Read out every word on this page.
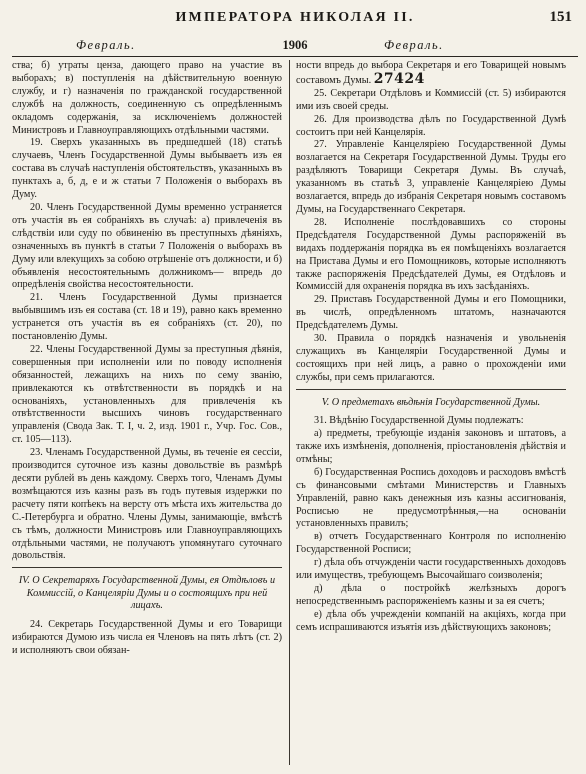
ИМПЕРАТОРА НИКОЛАЯ II.	151
Февраль.	1906	Февраль.

ства; б) утраты ценза, дающего право на участие въ выборахъ; в) поступленія на дѣйствительную военную службу, и г) назначенія по гражданской государственной службѣ на должность, соединенную съ опредѣленнымъ окладомъ содержанія, за исключеніемъ должностей Министровъ и Главноуправляющихъ отдѣльными частями.

19. Сверхъ указанныхъ въ предшедшей (18) статьѣ случаевъ, Членъ Государственной Думы выбываетъ изъ ея состава въ случаѣ наступленія обстоятельствъ, указанныхъ въ пунктахъ а, б, д, е и ж статьи 7 Положенія о выборахъ въ Думу.

20. Членъ Государственной Думы временно устраняется отъ участія въ ея собраніяхъ въ случаѣ: а) привлеченія въ слѣдствіи или суду по обвиненію въ преступныхъ дѣяніяхъ, означенныхъ въ пунктѣ в статьи 7 Положенія о выборахъ въ Думу или влекущихъ за собою отрѣшеніе отъ должности, и б) объявленія несостоятельнымъ должникомъ— впредь до опредѣленія свойства несостоятельности.

21. Членъ Государственной Думы признается выбывшимъ изъ ея состава (ст. 18 и 19), равно какъ временно устранется отъ участія въ ея собраніяхъ (ст. 20), по постановленію Думы.

22. Члены Государственной Думы за преступныя дѣянія, совершенныя при исполненіи или по поводу исполненія обязанностей, лежащихъ на нихъ по сему званію, привлекаются къ отвѣтственности въ порядкѣ и на основаніяхъ, установленныхъ для привлеченія къ отвѣтственности высшихъ чиновъ государственнаго управленія (Свода Зак. Т. I, ч. 2, изд. 1901 г., Учр. Гос. Сов., ст. 105—113).

23. Членамъ Государственной Думы, въ теченіе ея сессіи, производится суточное изъ казны довольствіе въ размѣрѣ десяти рублей въ день каждому. Сверхъ того, Членамъ Думы возмѣщаются изъ казны разъ въ годъ путевыя издержки по расчету пяти копѣекъ на версту отъ мѣста ихъ жительства до С.-Петербурга и обратно. Члены Думы, занимающіе, вмѣстѣ съ тѣмъ, должности Министровъ или Главноуправляющихъ отдѣльными частями, не получаютъ упомянутаго суточнаго довольствія.

IV. О Секретаряхъ Государственной Думы, ея Отдѣловъ и Коммиссій, о Канцеляріи Думы и о состоящихъ при ней лицахъ.

24. Секретарь Государственной Думы и его Товарищи избираются Думою изъ числа ея Членовъ на пять лѣтъ (ст. 2) и исполняютъ свои обязан-

ности впредь до выбора Секретаря и его Товарищей новымъ составомъ Думы. 27424

25. Секретари Отдѣловъ и Коммиссій (ст. 5) избираются ими изъ своей среды.

26. Для производства дѣлъ по Государственной Думѣ состоитъ при ней Канцелярія.

27. Управленіе Канцеляріею Государственной Думы возлагается на Секретаря Государственной Думы. Труды его раздѣляютъ Товарищи Секретаря Думы. Въ случаѣ, указанномъ въ статьѣ 3, управленіе Канцеляріею Думы возлагается, впредь до избранія Секретаря новымъ составомъ Думы, на Государственнаго Секретаря.

28. Исполненіе послѣдовавшихъ со стороны Предсѣдателя Государственной Думы распоряженій въ видахъ поддержанія порядка въ ея помѣщеніяхъ возлагается на Пристава Думы и его Помощниковъ, которые исполняютъ также распоряженія Предсѣдателей Думы, ея Отдѣловъ и Коммиссій для охраненія порядка въ ихъ засѣданіяхъ.

29. Приставъ Государственной Думы и его Помощники, въ числѣ, опредѣленномъ штатомъ, назначаются Предсѣдателемъ Думы.

30. Правила о порядкѣ назначенія и увольненія служащихъ въ Канцеляріи Государственной Думы и состоящихъ при ней лицъ, а равно о прохожденіи ими службы, при семъ прилагаются.

V. О предметахъ вѣдѣнія Государственной Думы.

31. Вѣдѣнію Государственной Думы подлежатъ:

а) предметы, требующіе изданія законовъ и штатовъ, а также ихъ измѣненія, дополненія, пріостановленія дѣйствія и отмѣны;

б) Государственная Роспись доходовъ и расходовъ вмѣстѣ съ финансовыми смѣтами Министерствъ и Главныхъ Управленій, равно какъ денежныя изъ казны ассигнованія, Росписью не предусмотрѣнныя,—на основаніи установленныхъ правилъ;

в) отчетъ Государственнаго Контроля по исполненію Государственной Росписи;

г) дѣла объ отчужденіи части государственныхъ доходовъ или имуществъ, требующемъ Высочайшаго соизволенія;

д) дѣла о постройкѣ желѣзныхъ дорогъ непосредственнымъ распоряженіемъ казны и за ея счетъ;

е) дѣла объ учрежденіи компаній на акціяхъ, когда при семъ испрашиваются изъятія изъ дѣйствующихъ законовъ;
